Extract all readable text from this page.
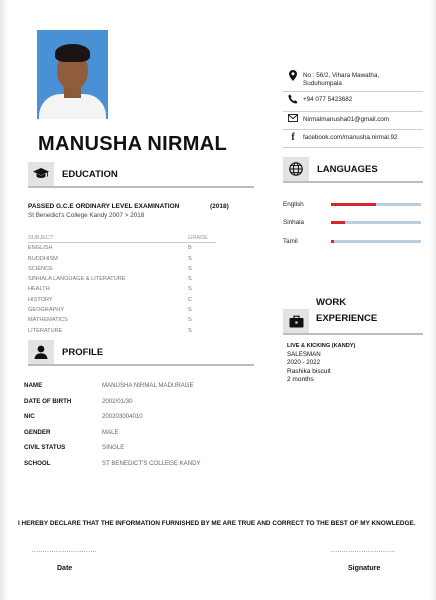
MANUSHA NIRMAL
No : 56/2, Vihara Mawatha,
Suduhumpala
+94 077 5423682
Nirmalmanusha01@gmail.com
f	facebook.com/manusha.nirmal.92
EDUCATION
PASSED G.C.E ORDINARY LEVEL EXAMINATION	(2018)
St Benedict's College Kandy 2007 > 2018
SUBJECT	GRADE
ENGLISH	B
BUDDHISM	S
SCIENCE	S
SINHALA LANGUAGE & LITERATURE	S
HEALTH	S
HISTORY	C
GEOGRAPHY	S
MATHEMATICS	S
LITERATURE	S
PROFILE
NAME	MANUSHA NIRMAL MADURAGE
DATE OF BIRTH	2002/01/30
NIC	200203004010
GENDER	MALE
CIVIL STATUS	SINGLE
SCHOOL	ST BENEDICT'S COLLEGE KANDY
LANGUAGES
English
Sinhala
Tamil
WORK
EXPERIENCE
LIVE & KICKING (KANDY)
SALESMAN
2020 - 2022
Rashika biscuit
2 months
I HEREBY DECLARE THAT THE INFORMATION FURNISHED BY ME ARE TRUE AND CORRECT TO THE BEST OF MY KNOWLEDGE.
..............................	..............................
Date	Signature
